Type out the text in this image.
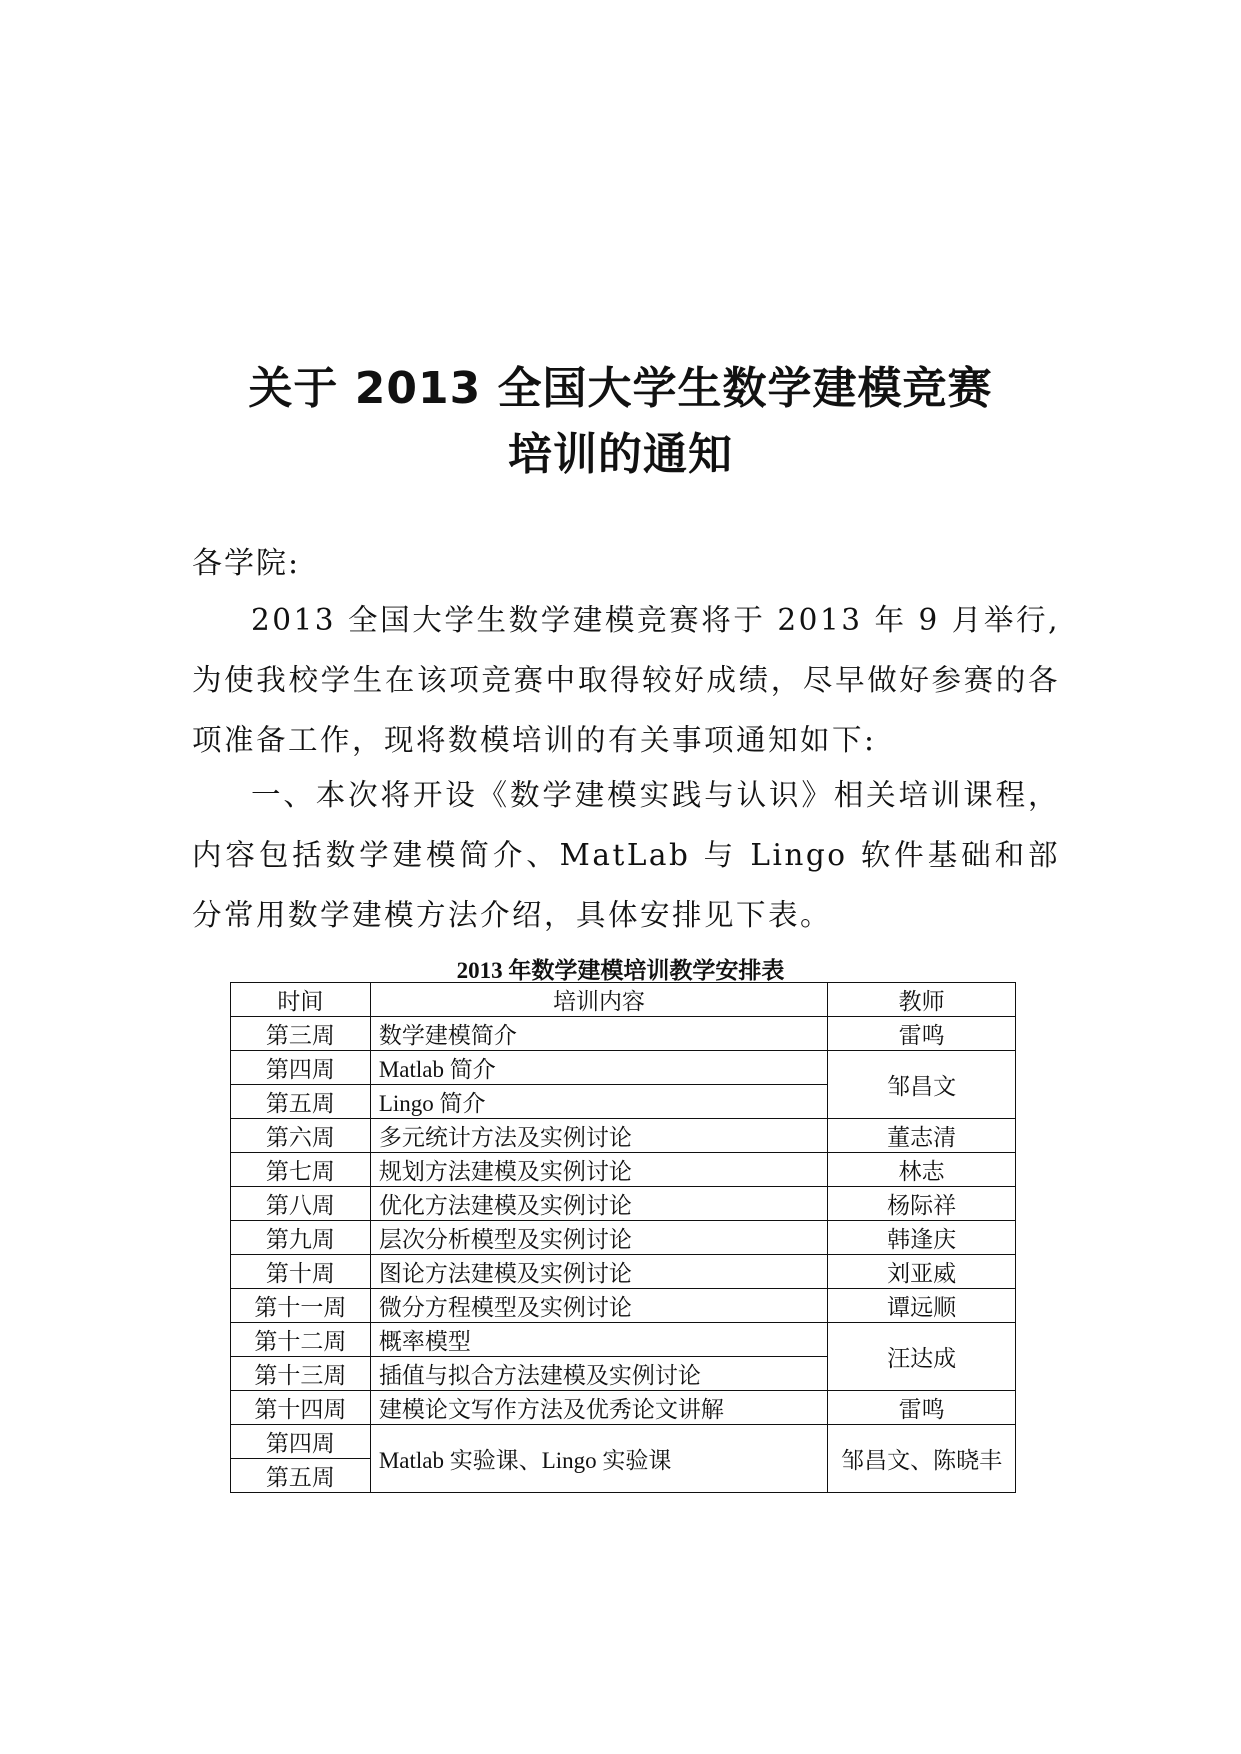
关于 2013 全国大学生数学建模竞赛
培训的通知
各学院:

2013 全国大学生数学建模竞赛将于 2013 年 9 月举行,为使我校学生在该项竞赛中取得较好成绩，尽早做好参赛的各项准备工作，现将数模培训的有关事项通知如下:

一、本次将开设《数学建模实践与认识》相关培训课程，内容包括数学建模简介、MatLab 与 Lingo 软件基础和部分常用数学建模方法介绍，具体安排见下表。

2013 年数学建模培训教学安排表
时间	培训内容	教师
第三周	数学建模简介	雷鸣
第四周	Matlab 简介	邹昌文
第五周	Lingo 简介	
第六周	多元统计方法及实例讨论	董志清
第七周	规划方法建模及实例讨论	林志
第八周	优化方法建模及实例讨论	杨际祥
第九周	层次分析模型及实例讨论	韩逢庆
第十周	图论方法建模及实例讨论	刘亚威
第十一周	微分方程模型及实例讨论	谭远顺
第十二周	概率模型	汪达成
第十三周	插值与拟合方法建模及实例讨论	
第十四周	建模论文写作方法及优秀论文讲解	雷鸣
第四周	Matlab 实验课、Lingo 实验课	邹昌文、陈晓丰
第五周		
